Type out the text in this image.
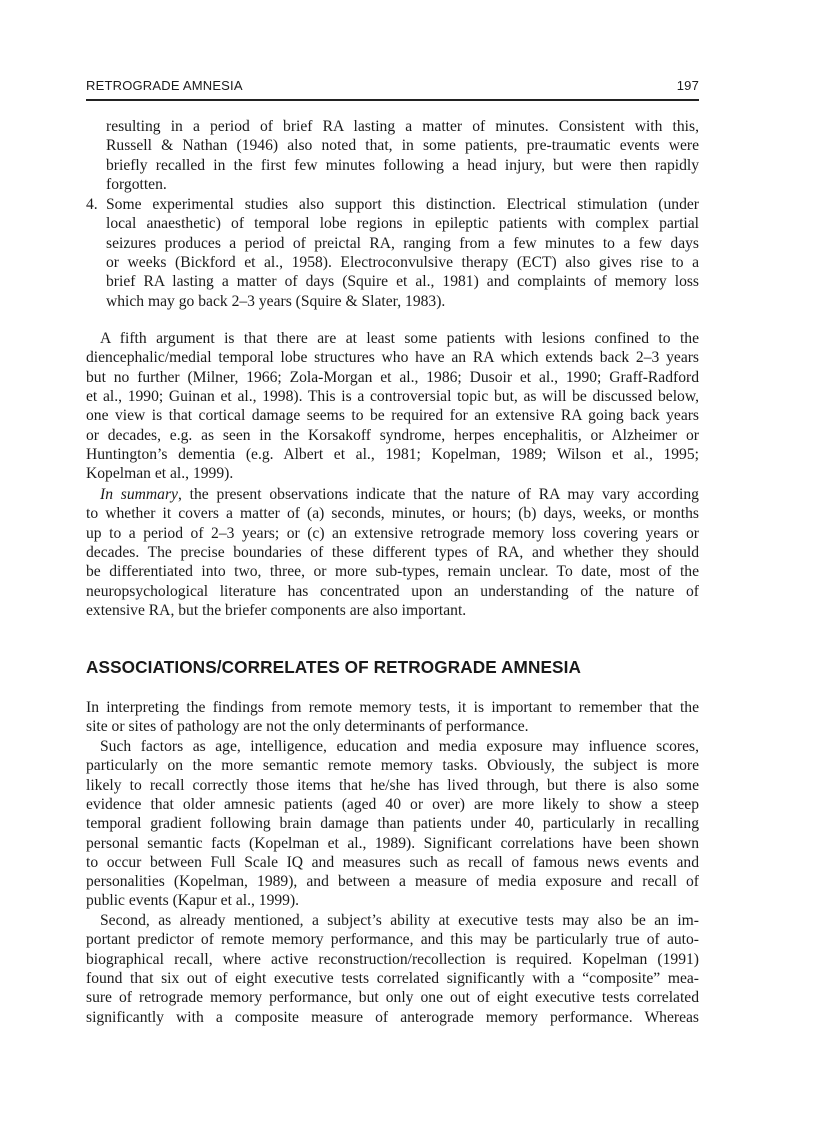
RETROGRADE AMNESIA	197
resulting in a period of brief RA lasting a matter of minutes. Consistent with this,
Russell & Nathan (1946) also noted that, in some patients, pre-traumatic events were
briefly recalled in the first few minutes following a head injury, but were then rapidly
forgotten.
4. Some experimental studies also support this distinction. Electrical stimulation (under
local anaesthetic) of temporal lobe regions in epileptic patients with complex partial
seizures produces a period of preictal RA, ranging from a few minutes to a few days
or weeks (Bickford et al., 1958). Electroconvulsive therapy (ECT) also gives rise to a
brief RA lasting a matter of days (Squire et al., 1981) and complaints of memory loss
which may go back 2–3 years (Squire & Slater, 1983).
A fifth argument is that there are at least some patients with lesions confined to the
diencephalic/medial temporal lobe structures who have an RA which extends back 2–3 years
but no further (Milner, 1966; Zola-Morgan et al., 1986; Dusoir et al., 1990; Graff-Radford
et al., 1990; Guinan et al., 1998). This is a controversial topic but, as will be discussed below,
one view is that cortical damage seems to be required for an extensive RA going back years
or decades, e.g. as seen in the Korsakoff syndrome, herpes encephalitis, or Alzheimer or
Huntington’s dementia (e.g. Albert et al., 1981; Kopelman, 1989; Wilson et al., 1995;
Kopelman et al., 1999).
In summary, the present observations indicate that the nature of RA may vary according
to whether it covers a matter of (a) seconds, minutes, or hours; (b) days, weeks, or months
up to a period of 2–3 years; or (c) an extensive retrograde memory loss covering years or
decades. The precise boundaries of these different types of RA, and whether they should
be differentiated into two, three, or more sub-types, remain unclear. To date, most of the
neuropsychological literature has concentrated upon an understanding of the nature of
extensive RA, but the briefer components are also important.
In interpreting the findings from remote memory tests, it is important to remember that the
site or sites of pathology are not the only determinants of performance.
Such factors as age, intelligence, education and media exposure may influence scores,
particularly on the more semantic remote memory tasks. Obviously, the subject is more
likely to recall correctly those items that he/she has lived through, but there is also some
evidence that older amnesic patients (aged 40 or over) are more likely to show a steep
temporal gradient following brain damage than patients under 40, particularly in recalling
personal semantic facts (Kopelman et al., 1989). Significant correlations have been shown
to occur between Full Scale IQ and measures such as recall of famous news events and
personalities (Kopelman, 1989), and between a measure of media exposure and recall of
public events (Kapur et al., 1999).
Second, as already mentioned, a subject’s ability at executive tests may also be an im-
portant predictor of remote memory performance, and this may be particularly true of auto-
biographical recall, where active reconstruction/recollection is required. Kopelman (1991)
found that six out of eight executive tests correlated significantly with a “composite” mea-
sure of retrograde memory performance, but only one out of eight executive tests correlated
significantly with a composite measure of anterograde memory performance. Whereas
ASSOCIATIONS/CORRELATES OF RETROGRADE AMNESIA
